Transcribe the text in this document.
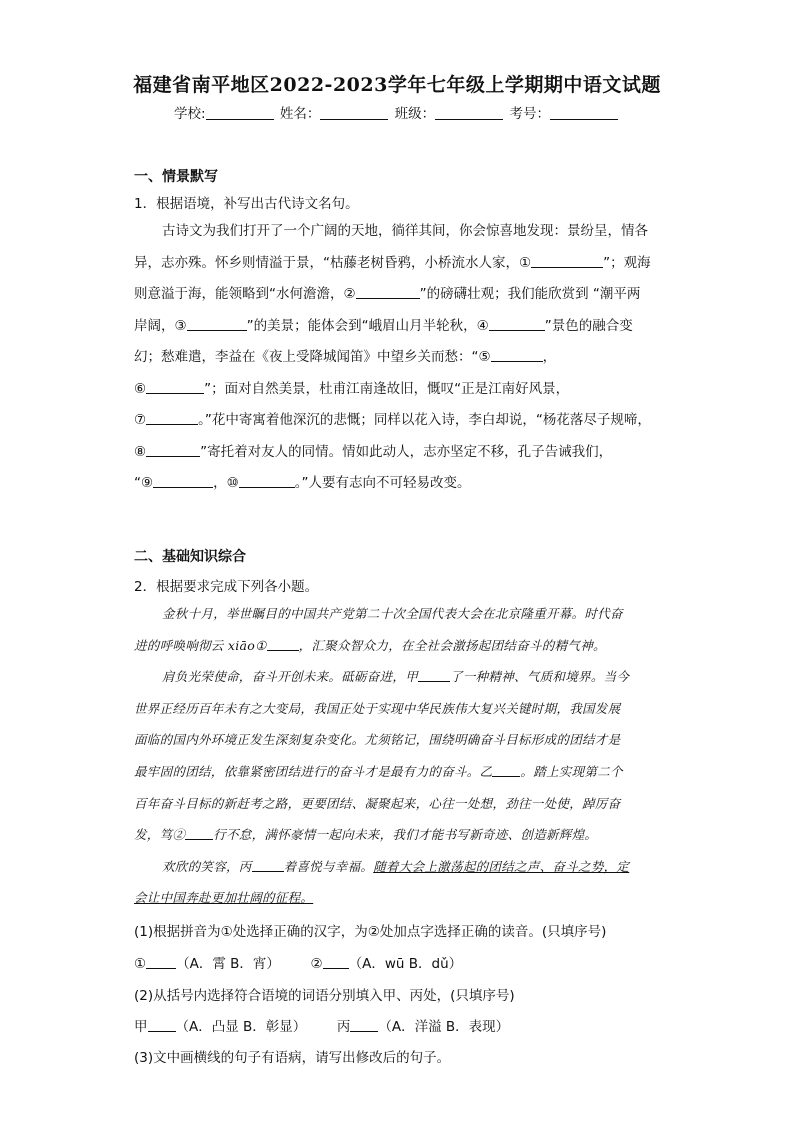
福建省南平地区2022-2023学年七年级上学期期中语文试题
学校:	姓名：	班级：	考号：
一、情景默写
1．根据语境，补写出古代诗文名句。

古诗文为我们打开了一个广阔的天地，徜徉其间，你会惊喜地发现：景纷呈，情各

异，志亦殊。怀乡则情溢于景，“枯藤老树昏鸦，小桥流水人家，①	”；观海

则意溢于海，能领略到“水何澹澹，②	”的磅礴壮观；我们能欣赏到 “潮平两

岸阔，③	”的美景；能体会到“峨眉山月半轮秋，④	”景色的融合变

幻；愁难遣，李益在《夜上受降城闻笛》中望乡关而愁：“⑤	，

⑥	”；面对自然美景，杜甫江南逢故旧，慨叹“正是江南好风景，

⑦	。”花中寄寓着他深沉的悲慨；同样以花入诗，李白却说，“杨花落尽子规啼，

⑧	”寄托着对友人的同情。情如此动人，志亦坚定不移，孔子告诫我们，

“⑨	，⑩	。”人要有志向不可轻易改变。

二、基础知识综合
2．根据要求完成下列各小题。

金秋十月，举世瞩目的中国共产党第二十次全国代表大会在北京隆重开幕。时代奋

进的呼唤响彻云 xiāo①	，汇聚众智众力，在全社会激扬起团结奋斗的精气神。

肩负光荣使命，奋斗开创未来。砥砺奋进，甲	了一种精神、气质和境界。当今

世界正经历百年未有之大变局，我国正处于实现中华民族伟大复兴关键时期，我国发展

面临的国内外环境正发生深刻复杂变化。尤须铭记，围绕明确奋斗目标形成的团结才是

最牢固的团结，依靠紧密团结进行的奋斗才是最有力的奋斗。乙 。踏上实现第二个

百年奋斗目标的新赶考之路，更要团结、凝聚起来，心往一处想，劲往一处使，踔厉奋

发，笃② 行不怠，满怀豪情一起向未来，我们才能书写新奇迹、创造新辉煌。

欢欣的笑容，丙	着喜悦与幸福。随着大会上激荡起的团结之声、奋斗之势，定

会让中国奔赴更加壮阔的征程。

(1)根据拼音为①处选择正确的汉字，为②处加点字选择正确的读音。(只填序号)
① （A．霄 B．宵） ② （A．wū B．dǔ）
(2)从括号内选择符合语境的词语分别填入甲、丙处，(只填序号)
甲 （A．凸显 B．彰显） 丙 （A．洋溢 B．表现）
(3)文中画横线的句子有语病，请写出修改后的句子。
